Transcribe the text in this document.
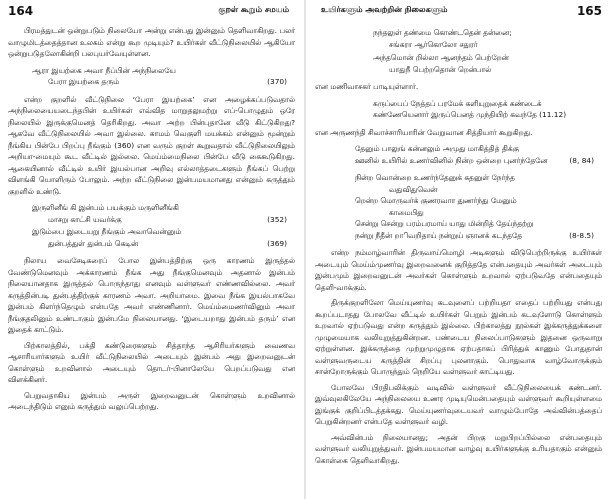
164	குறள் கூறும் சமயம்

பிரமத்துடன் ஒன்றுபடும் நிலையோ அன்று என்பது இன்னும் தெளிவாகிறது. பலர் வாழுமிடத்தைத்தான உலகம் என்று கூற முடியும்? உயிர்கள் வீட்டுநிலையில் ஆகியோ ஒன்றுபடுதலோகின்றி பலபுயர்வேயுள்ளன.

ஆரா இயற்கை அவா நீப்பின் அந்நிலையே
பேரா இயற்கை தரும்	(370)

என்ற குறளில் வீட்டுநிலை ‘பேரா இயற்கை’ என அழைக்கப்படுவதால் அந்நிலையையடைந்தபின் உயிர்கள் எவ்வித மாறுதலுமற்று எப்-பொழுதும் ஒரே நிலையில் இருக்குமெனத் தெரிகிறது. அவா அற்ற பின்புதானே வீடு கிட்டுகிறது? ஆகவே வீட்டுநிலையில் அவா இல்லை. காமம் வெகுளி மயக்கம் என்னும் மூன்றும் நீங்கிய பின்பே பிறப்பு நீங்கும் (360) என வரும் குறள் கூறுவதால் வீட்டுநிலையிலும் அறியா-மையும் கூட வீட்டில் இல்லை. மெய்ம்மைநிலை பின்பே வீடு கைகூடுகிறது. ஆகையினால் வீட்டில் உயிர் இயல்பான அறிவு எல்லாத்தடைகளும் நீங்கப் பெற்று விளங்கி யொளிரும் போலும். அற்ற வீட்டுநிலை இன்பமயமானது என்னும் கருத்தும் குறளில் உண்டு.

இருளினீங் கி இன்பம் பயக்கும் மருளினீங்கி
மாசறு காட்சி யவர்க்கு	(352)
இடும்பை இடையறு நீங்கும் அவாவென்னும்
துன்பத்துள் துன்பம் கெடின்	(369)

நிலாய வைசேடிகரைப் போல இன்பத்திற்கு ஒரு காரணம் இருத்தல் வேண்டுமெனவும் அக்காரணம் நீங்க அது நீங்குமெனவும் அதனால் இன்பம் நிலையானதாக இருத்தல் பொருந்தாது எனவும் வள்ளுவர் எண்ணவில்லை. அவர் கருத்தின்படி துன்பத்திற்குக் காரணம் அவா. அறியாமை. இவை நீங்க இயல்பாகவே இன்பம் கிளர்ந்தெழும் என்பதே அவர் எண்ணினார். மெய்ம்மைணர்வினும் அவா நீங்குதலினும் உண்டாகும் இன்பமே நிலையானது. ‘இடையறாது இன்பம் தரும்’ என இதைக் காட்டும்.

பிற்காலத்தில், பக்தி கண்டுரைகளும் சித்தாந்த ஆசிரியர்களும் வைணவ ஆசாரியார்களும் உயிர் வீட்டுநிலையில் அடையும் இன்பம் அது இறைவனுடன் கொள்ளும் உறவினால் அடையும் தொடர்-பினாலேயே பெறப்படுவது என விளக்கினர்.

பெறுவதாகிய இன்பம் அருள் இறைவனுடன் கொள்ளும் உறவினால் அடைந்திடும் எனும் கருத்தும் வலுப்பெற்றது.

உயிர்களும் அவற்றின் நிலைகளும்	165
நந்தலுள் தண்மை கொண்டதென் தன்னை;
சங்கரா ஆர்கொலோ சதுரர்
அந்தமொன் றில்லா ஆனந்தம் பெற்றேன்
யாதுநீ பெற்றதொன் றென்பால்

என மணிவாசகர் பாடியுள்ளார்.

கருப்பைப் நேத்தப் பரமேக் களியுறுதைக் கண்டைக்
கண்ணேயெனார் இருப்பெனத் முந்தியிற் கவந்தே (11.12)

என அருணந்தி சிவாச்சாரியாரின் வேறுவான சித்தியார் கூறுகிறது.

தேனும் பாலுங் கன்னலும் அமுது மாகித்தித் திக்கு
ஊனில் உயிரில் உணர்வினில் நின்ற ஒன்றை புனர்ந்தேனே	(8, 84)
நின்ற வொன்றை உணர்ந்தேனுக் கதனுள் நேர்ந்த
வதுவிதுவென்
றென்ற மொருவர்க் குணரவாா துணர்ந்து மேனும்
காமைபிது
சென்று சென்று பரம்பரமாய் யாது மின்றித் தேய்ந்தற்று
நன்று நீதீன் றாிவறிதாய் நன்றுய் ஞானக் கடந்ததே	(8-8.5)

என்ற நம்மாழ்வாரின் திருவாய்மொழி அடிகளும் விடுபெற்றிருக்கு உயிர்கள் அடையும் மெய்ம்முணர்வு இறைவனைக் குறித்ததே என்பதையும் அவர்கள் அடையும் இன்பமும் இறைவனுடன் அவர்கள் கொள்ளும் உறவால் ஏற்படுவதே என்பதையும் தெளி-வாக்கும்.

திருக்குறளிலோ மெய்யுணர்வு கடவுளைப் பற்றியதா எதைப் பற்றியது என்பது கூறப்படாதது போலவே வீட்டில் உயிர்கள் பெறும் இன்பம் கடவுளோடு கொள்ளும் உறவால் ஏற்படுவது என்ற கருத்தும் இல்லை. பிற்காலத்து நூல்கள் இக்கருத்துக்களை முழுமையாக வலியுறுத்துகின்றன. பண்டைய நிலைப்பாடுகளும் இதனை ஒருவாறு ஏற்றுள்ளன. இக்கருத்தை முற்றுமுழுதாக ஏற்பதாகப் பிரித்துக் காணும் போதுதான் வள்ளுவருடைய கருத்தின் சிறப்பு புலனாகும். பொதுவாக வாழ்வோருக்கும் சான்றோருக்கும் பொருந்தும் நெறியே வள்ளுவர் காட்டியது.

போலவே பிரதிபலிக்கும் வடிவில் வள்ளுவர் வீட்டுநிலையைக் கண்டனர். இவ்வுலகிலேயே அந்நிலையை உணர முடியுமென்பதையும் வள்ளுவர் கூறியுள்ளமை இங்குக் குறிப்பிடத்தக்கது. மெய்யுணர்வுடையவர் வாழும்போதே அவ்வின்பத்தைப் பெறுகின்றனர் என்பதே வள்ளுவர் வழி.

அவ்வின்பம் நிலையானது; அதன் பிறகு மறுபிறப்பில்லை என்பதையும் வள்ளுவர் வலியுறுத்துவர். இன்பமயமான வாழ்வு உயிர்களுக்கு உரியதாகும் என்னும் கொள்கை தெளிவாகிறது.
